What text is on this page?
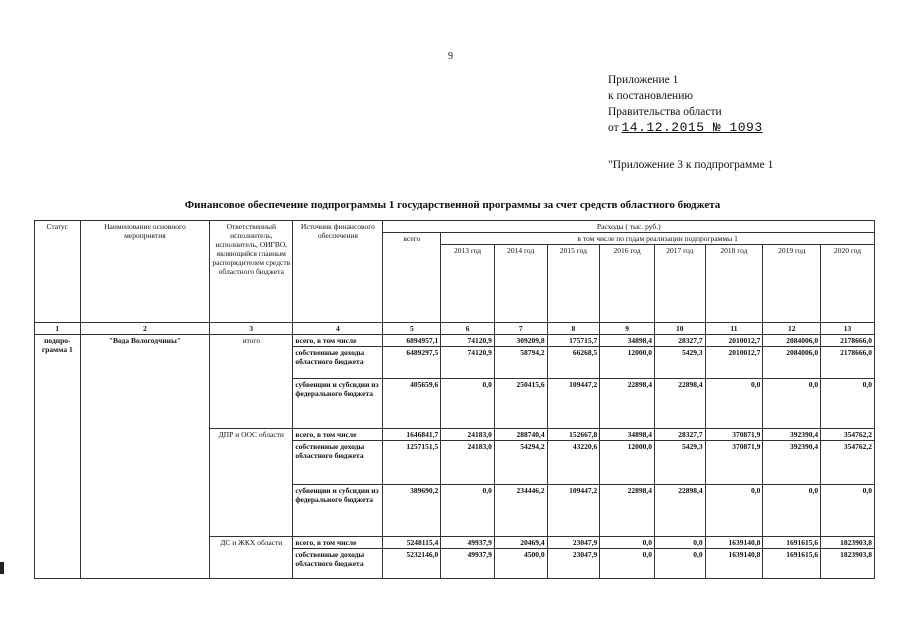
9
Приложение 1
к постановлению
Правительства области
от 14.12.2015 № 1093
"Приложение 3 к подпрограмме 1
Финансовое обеспечение подпрограммы 1 государственной программы за счет средств областного бюджета
Статус	Наименование основного мероприятия	Ответственный исполнитель, исполнитель, ОИГВО, являющийся главным распорядителем средств областного бюджета	Источник финансового обеспечения	Расходы ( тыс. руб.)								
				всего	в том числе по годам реализации подпрограммы 1							
					2013 год	2014 год	2015 год	2016 год	2017 год	2018 год	2019 год	2020 год
1	2	3	4	5	6	7	8	9	10	11	12	13
подпро- грамма 1	"Вода Вологодчины"	итого	всего, в том числе	6894957,1	74120,9	309209,8	175715,7	34898,4	28327,7	2010012,7	2084006,0	2178666,0
			собственные доходы областного бюджета	6489297,5	74120,9	58794,2	66268,5	12000,0	5429,3	2010012,7	2084006,0	2178666,0
			субвенции и субсидии из федерального бюджета	405659,6	0,0	250415,6	109447,2	22898,4	22898,4	0,0	0,0	0,0
		ДПР и ООС области	всего, в том числе	1646841,7	24183,0	288740,4	152667,8	34898,4	28327,7	370871,9	392390,4	354762,2
			собственные доходы областного бюджета	1257151,5	24183,0	54294,2	43220,6	12000,0	5429,3	370871,9	392390,4	354762,2
			субвенции и субсидии из федерального бюджета	389690,2	0,0	234446,2	109447,2	22898,4	22898,4	0,0	0,0	0,0
		ДС и ЖКХ области	всего, в том числе	5248115,4	49937,9	20469,4	23047,9	0,0	0,0	1639140,8	1691615,6	1823903,8
			собственные доходы областного бюджета	5232146,0	49937,9	4500,0	23047,9	0,0	0,0	1639140,8	1691615,6	1823903,8
